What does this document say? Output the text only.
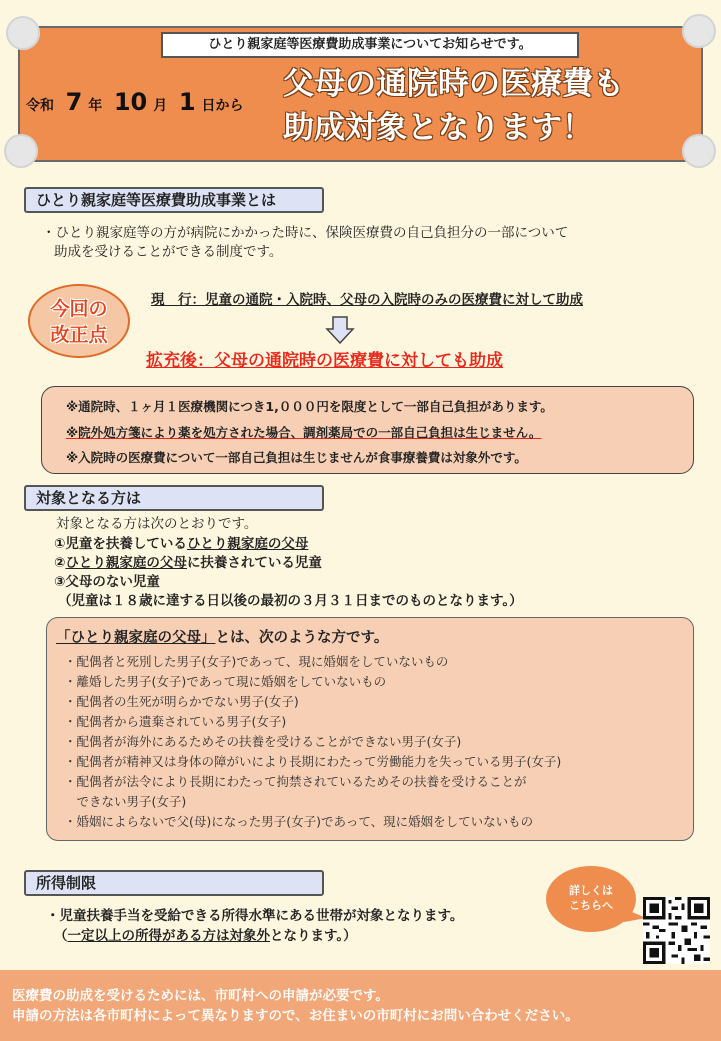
ひとり親家庭等医療費助成事業についてお知らせです。
令和 7 年 10 月 1 日から
父母の通院時の医療費も
助成対象となります！
ひとり親家庭等医療費助成事業とは
・ひとり親家庭等の方が病院にかかった時に、保険医療費の自己負担分の一部について
助成を受けることができる制度です。
今回の
改正点
現　行：児童の通院・入院時、父母の入院時のみの医療費に対して助成
拡充後：父母の通院時の医療費に対しても助成
※通院時、１ヶ月１医療機関につき1,０００円を限度として一部自己負担があります。
※院外処方箋により薬を処方された場合、調剤薬局での一部自己負担は生じません。
※入院時の医療費について一部自己負担は生じませんが食事療養費は対象外です。
対象となる方は
対象となる方は次のとおりです。
①児童を扶養しているひとり親家庭の父母
②ひとり親家庭の父母に扶養されている児童
③父母のない児童
（児童は１８歳に達する日以後の最初の３月３１日までのものとなります。）
「ひとり親家庭の父母」とは、次のような方です。
・配偶者と死別した男子(女子)であって、現に婚姻をしていないもの
・離婚した男子(女子)であって現に婚姻をしていないもの
・配偶者の生死が明らかでない男子(女子)
・配偶者から遺棄されている男子(女子)
・配偶者が海外にあるためその扶養を受けることができない男子(女子)
・配偶者が精神又は身体の障がいにより長期にわたって労働能力を失っている男子(女子)
・配偶者が法令により長期にわたって拘禁されているためその扶養を受けることが
　できない男子(女子)
・婚姻によらないで父(母)になった男子(女子)であって、現に婚姻をしていないもの
所得制限
・児童扶養手当を受給できる所得水準にある世帯が対象となります。
（一定以上の所得がある方は対象外となります。）
詳しくは
こちらへ
医療費の助成を受けるためには、市町村への申請が必要です。
申請の方法は各市町村によって異なりますので、お住まいの市町村にお問い合わせください。
